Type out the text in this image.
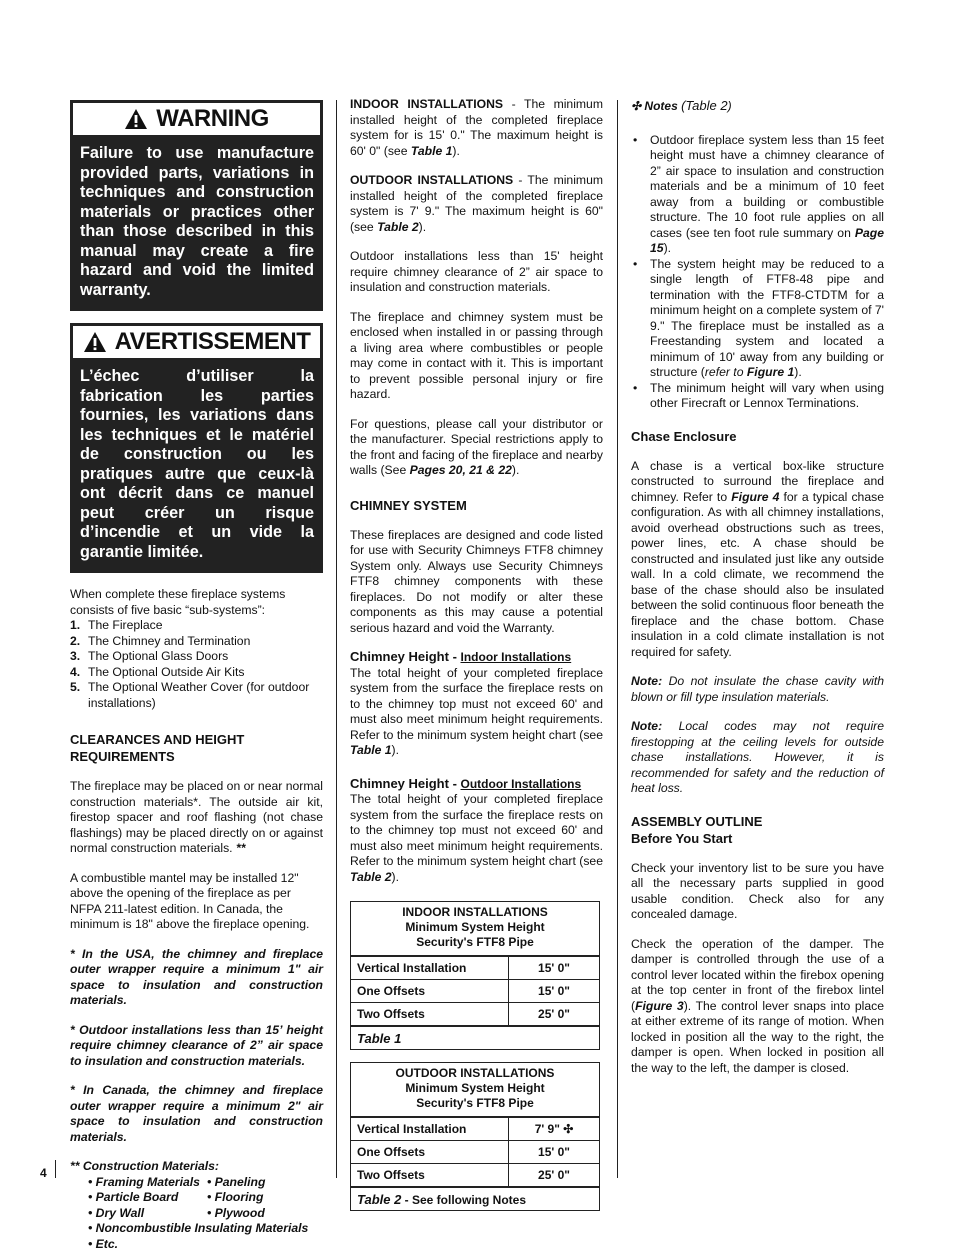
4
WARNING
Failure to use manufacture provided parts, variations in techniques and construction materials or practices other than those described in this manual may create a fire hazard and void the limited warranty.
AVERTISSEMENT
L’échec d’utiliser la fabrication les parties fournies, les variations dans les techniques et le matériel de construction ou les pratiques autre que ceux-là ont décrit dans ce manuel peut créer un risque d’incendie et un vide la garantie limitée.

When complete these fireplace systems consists of five basic “sub-systems”:

1. The Fireplace
2. The Chimney and Termination
3. The Optional Glass Doors
4. The Optional Outside Air Kits
5. The Optional Weather Cover (for outdoor installations)

CLEARANCES AND HEIGHT REQUIREMENTS

The fireplace may be placed on or near normal construction materials*. The outside air kit, firestop spacer and roof flashing (not chase flashings) may be placed directly on or against normal construction materials. **

A combustible mantel may be installed 12" above the opening of the fireplace as per NFPA 211-latest edition. In Canada, the minimum is 18" above the fireplace opening.

* In the USA, the chimney and fireplace outer wrapper require a minimum 1" air space to insulation and construction materials.

* Outdoor installations less than 15’ height require chimney clearance of 2” air space to insulation and construction materials.

* In Canada, the chimney and fireplace outer wrapper require a minimum 2" air space to insulation and construction materials.

** Construction Materials:
• Framing Materials • Paneling
• Particle Board	• Flooring
• Dry Wall	• Plywood
• Noncombustible Insulating Materials
• Etc.

INDOOR INSTALLATIONS - The minimum installed height of the completed fireplace system for is 15' 0." The maximum height is 60' 0" (see Table 1).

OUTDOOR INSTALLATIONS - The minimum installed height of the completed fireplace system is 7' 9." The maximum height is 60" (see Table 2).

Outdoor installations less than 15' height require chimney clearance of 2” air space to insulation and construction materials.

The fireplace and chimney system must be enclosed when installed in or passing through a living area where combustibles or people may come in contact with it. This is important to prevent possible personal injury or fire hazard.

For questions, please call your distributor or the manufacturer. Special restrictions apply to the front and facing of the fireplace and nearby walls (See Pages 20, 21 & 22).

CHIMNEY SYSTEM

These fireplaces are designed and code listed for use with Security Chimneys FTF8 chimney System only. Always use Security Chimneys FTF8 chimney components with these fireplaces. Do not modify or alter these components as this may cause a potential serious hazard and void the Warranty.

Chimney Height - Indoor Installations
The total height of your completed fireplace system from the surface the fireplace rests on to the chimney top must not exceed 60' and must also meet minimum height requirements. Refer to the minimum system height chart (see Table 1).

Chimney Height - Outdoor Installations
The total height of your completed fireplace system from the surface the fireplace rests on to the chimney top must not exceed 60' and must also meet minimum height requirements. Refer to the minimum system height chart (see Table 2).

INDOOR INSTALLATIONS
Minimum System Height
Security's FTF8 Pipe	
Vertical Installation	15' 0"
One Offsets	15' 0"
Two Offsets	25' 0"
Table 1	
OUTDOOR INSTALLATIONS
Minimum System Height
Security's FTF8 Pipe	
Vertical Installation	7' 9" ✣
One Offsets	15' 0"
Two Offsets	25' 0"
Table 2 - See following Notes	

✣ Notes (Table 2)

•	Outdoor fireplace system less than 15 feet height must have a chimney clearance of 2” air space to insulation and construction materials and be a minimum of 10 feet away from a building or combustible structure. The 10 foot rule applies on all cases (see ten foot rule summary on Page 15).
•	The system height may be reduced to a single length of FTF8-48 pipe and termination with the FTF8-CTDTM for a minimum height on a complete system of 7' 9." The fireplace must be installed as a Freestanding system and located a minimum of 10' away from any building or structure (refer to Figure 1).
•	The minimum height will vary when using other Firecraft or Lennox Terminations.

Chase Enclosure

A chase is a vertical box-like structure constructed to surround the fireplace and chimney. Refer to Figure 4 for a typical chase configuration. As with all chimney installations, avoid overhead obstructions such as trees, power lines, etc. A chase should be constructed and insulated just like any outside wall. In a cold climate, we recommend the base of the chase should also be insulated between the solid continuous floor beneath the fireplace and the chase bottom. Chase insulation in a cold climate installation is not required for safety.

Note: Do not insulate the chase cavity with blown or fill type insulation materials.

Note: Local codes may not require firestopping at the ceiling levels for outside chase installations. However, it is recommended for safety and the reduction of heat loss.

ASSEMBLY OUTLINE

Before You Start

Check your inventory list to be sure you have all the necessary parts supplied in good usable condition. Check also for any concealed damage.

Check the operation of the damper. The damper is controlled through the use of a control lever located within the firebox opening at the top center in front of the firebox lintel (Figure 3). The control lever snaps into place at either extreme of its range of motion. When locked in position all the way to the right, the damper is open. When locked in position all the way to the left, the damper is closed.
